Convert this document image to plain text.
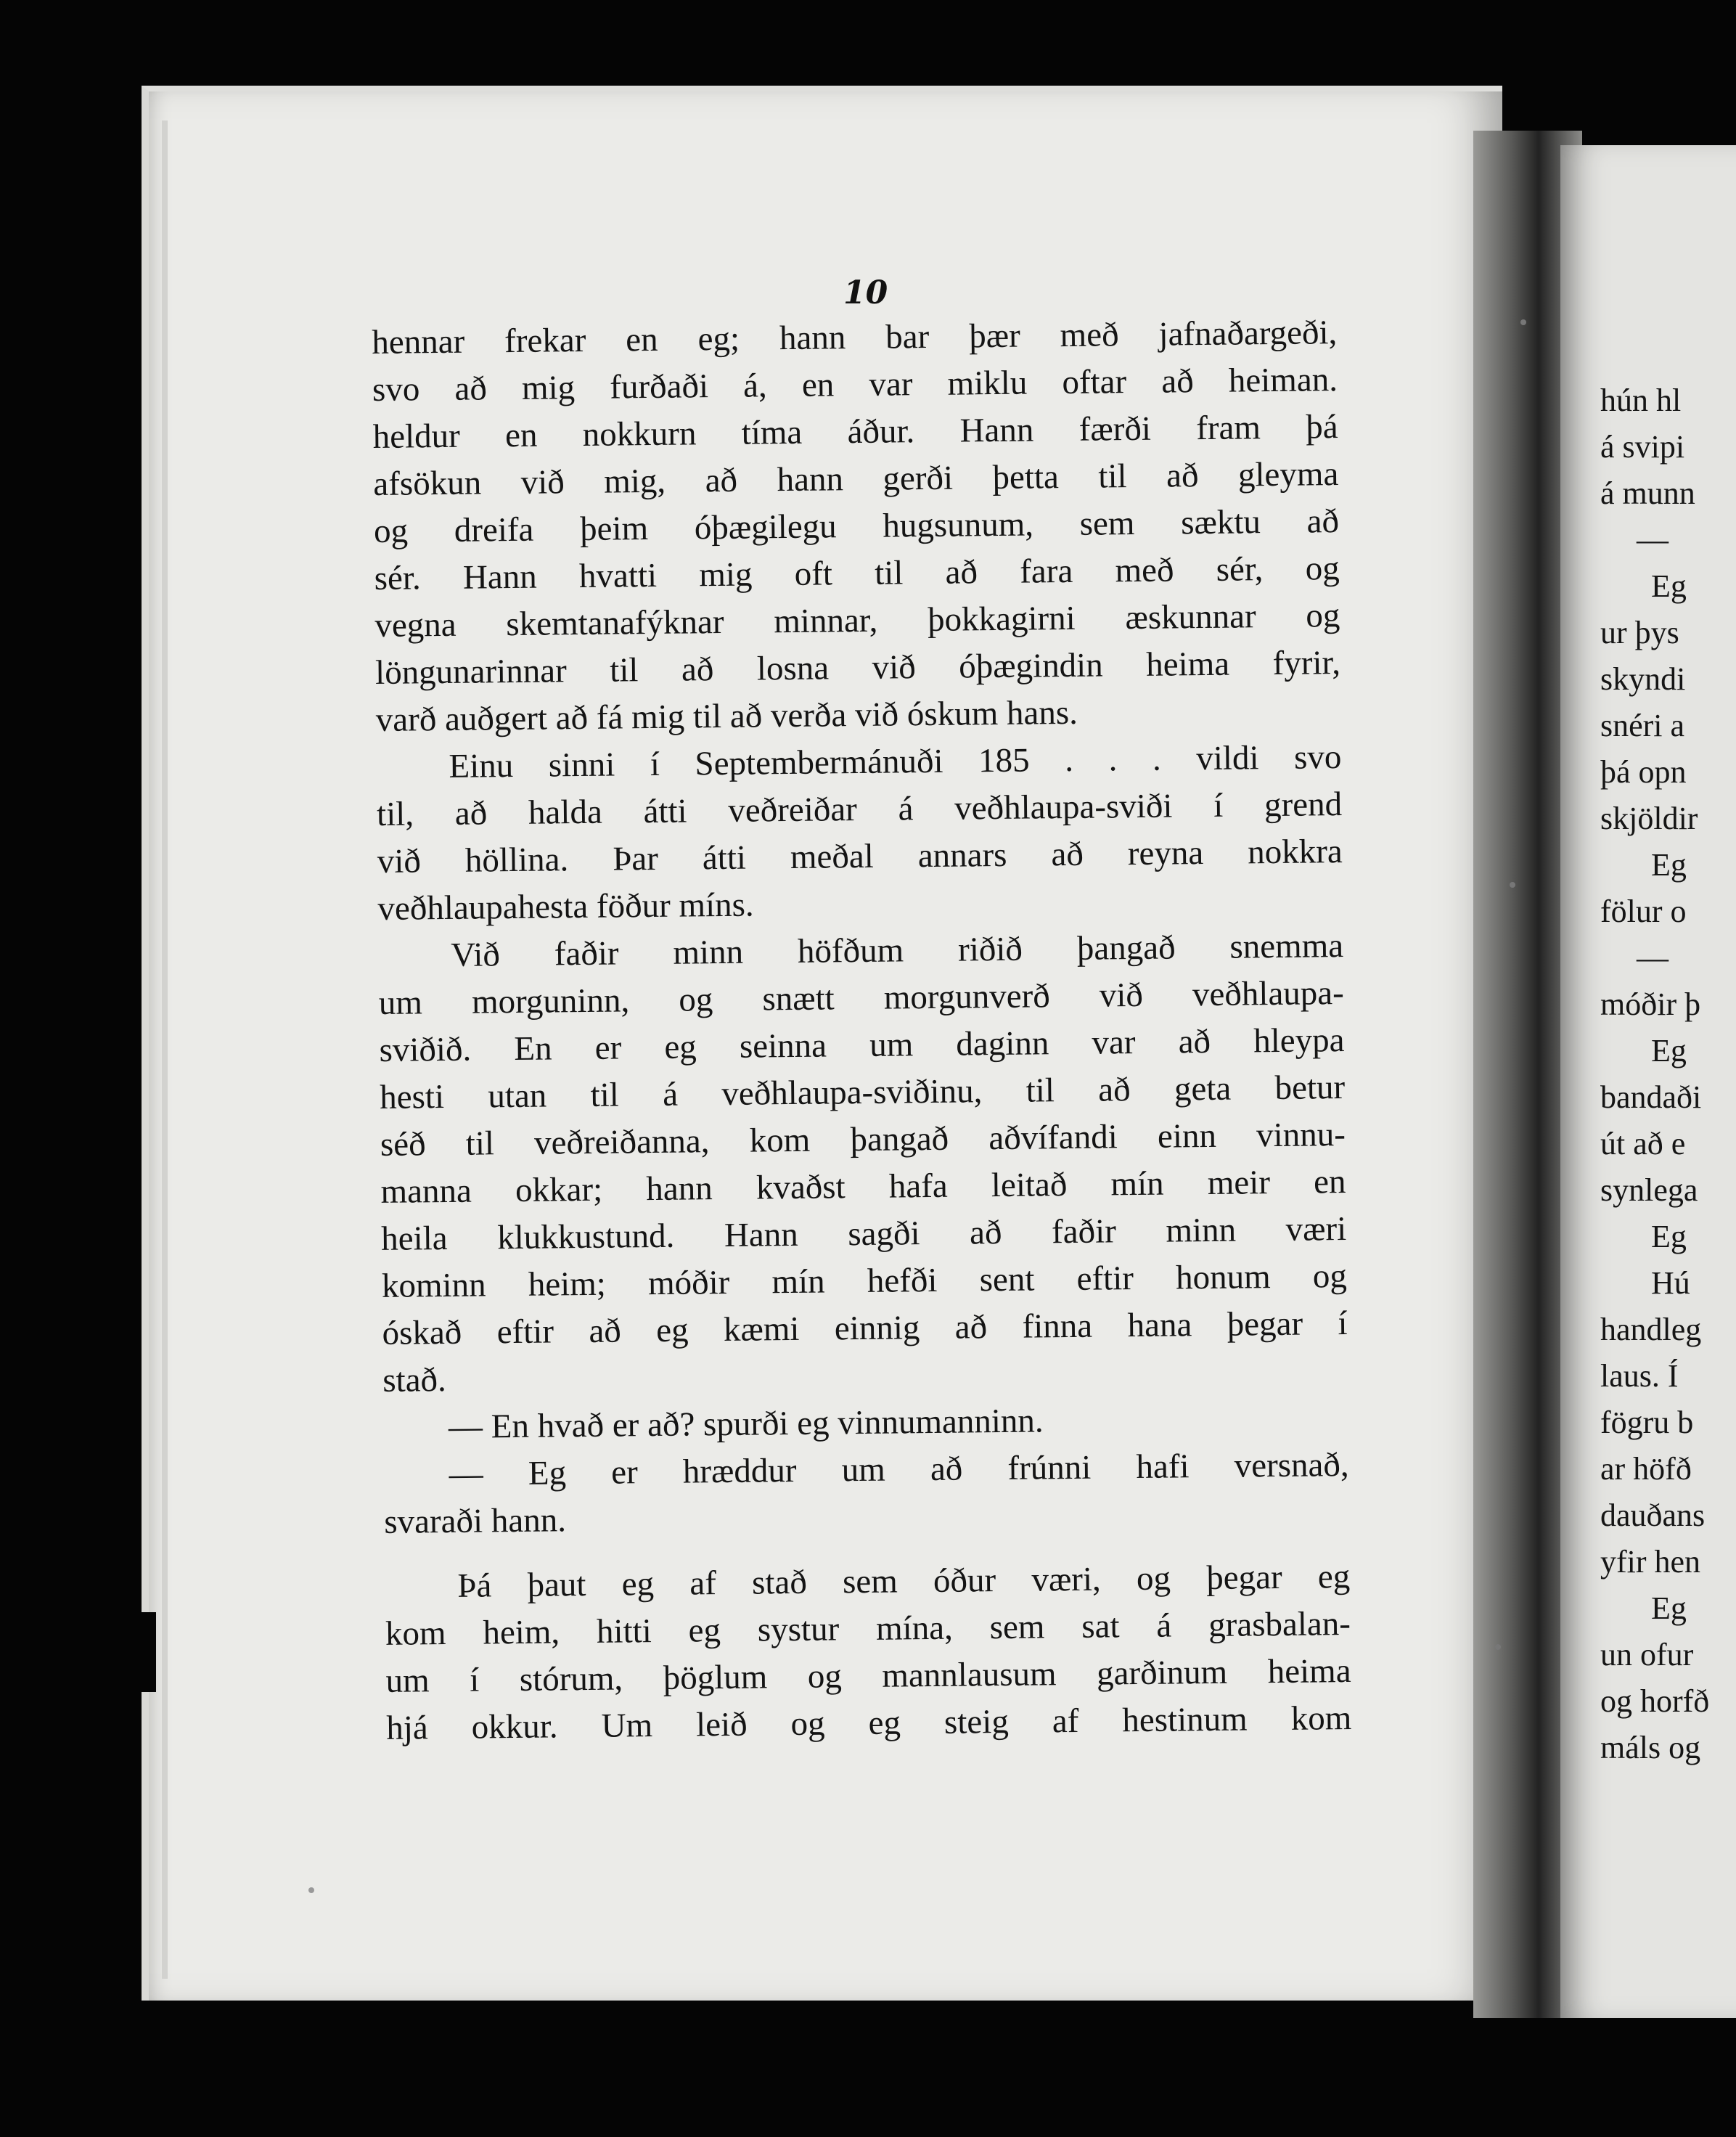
10
hennar frekar en eg; hann bar þær með jafnaðargeði,
svo að mig furðaði á, en var miklu oftar að heiman.
heldur en nokkurn tíma áður. Hann færði fram þá
afsökun við mig, að hann gerði þetta til að gleyma
og dreifa þeim óþægilegu hugsunum, sem sæktu að
sér. Hann hvatti mig oft til að fara með sér, og
vegna skemtanafýknar minnar, þokkagirni æskunnar og
löngunarinnar til að losna við óþægindin heima fyrir,
varð auðgert að fá mig til að verða við óskum hans.
Einu sinni í Septembermánuði 185 . . . vildi svo
til, að halda átti veðreiðar á veðhlaupa-sviði í grend
við höllina. Þar átti meðal annars að reyna nokkra
veðhlaupahesta föður míns.
Við faðir minn höfðum riðið þangað snemma
um morguninn, og snætt morgunverð við veðhlaupa-
sviðið. En er eg seinna um daginn var að hleypa
hesti utan til á veðhlaupa-sviðinu, til að geta betur
séð til veðreiðanna, kom þangað aðvífandi einn vinnu-
manna okkar; hann kvaðst hafa leitað mín meir en
heila klukkustund. Hann sagði að faðir minn væri
kominn heim; móðir mín hefði sent eftir honum og
óskað eftir að eg kæmi einnig að finna hana þegar í
stað.
— En hvað er að? spurði eg vinnumanninn.
— Eg er hræddur um að frúnni hafi versnað,
svaraði hann.
Þá þaut eg af stað sem óður væri, og þegar eg
kom heim, hitti eg systur mína, sem sat á grasbalan-
um í stórum, þöglum og mannlausum garðinum heima
hjá okkur. Um leið og eg steig af hestinum kom
hún hl
á svipi
á munn
—
Eg
ur þys
skyndi
snéri a
þá opn
skjöldir
Eg
fölur o
—
móðir þ
Eg
bandaði
út að e
synlega
Eg
Hú
handleg
laus. Í
fögru b
ar höfð
dauðans
yfir hen
Eg
un ofur
og horfð
máls og
